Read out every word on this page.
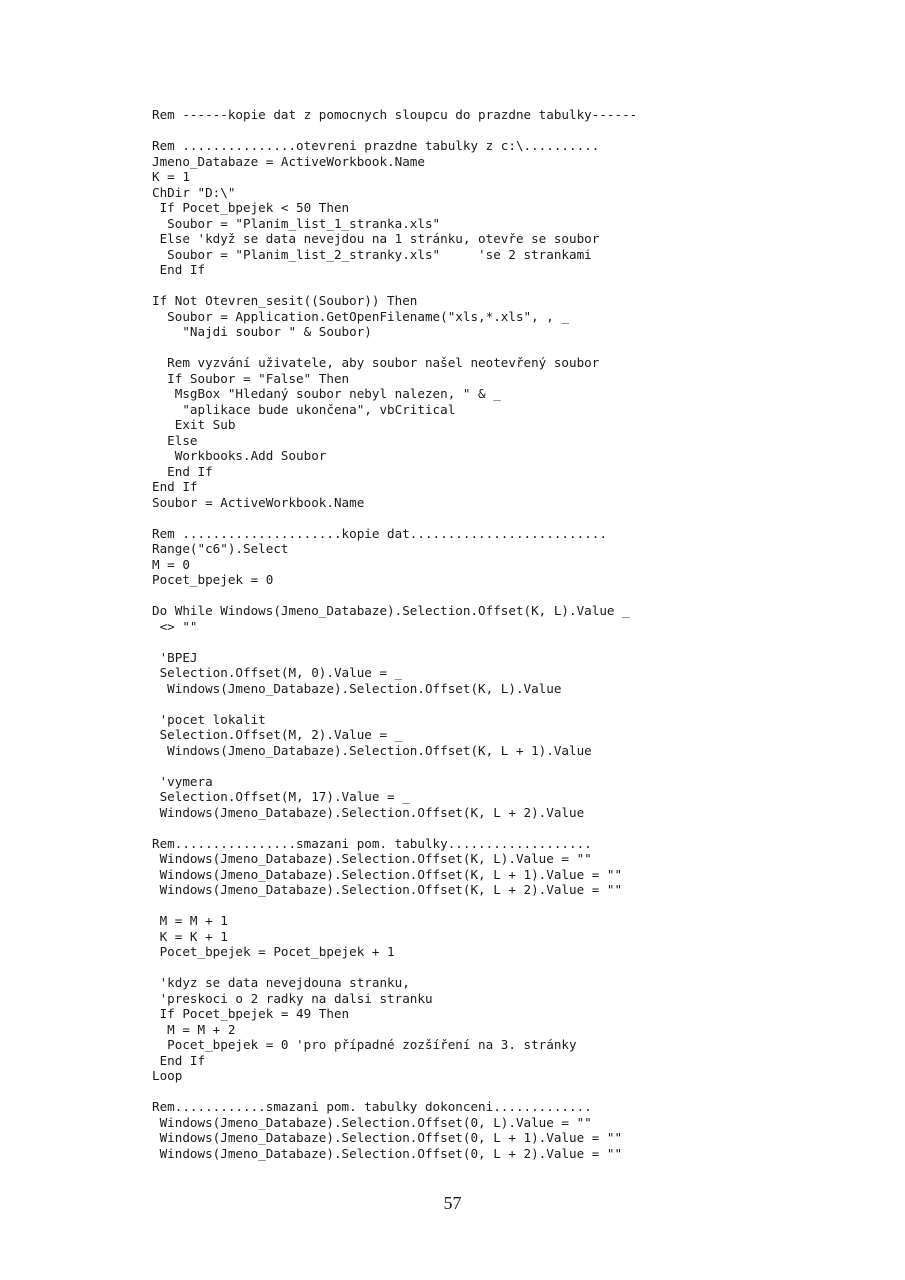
Rem ------kopie dat z pomocnych sloupcu do prazdne tabulky------
Rem ...............otevreni prazdne tabulky z c:\..........
Jmeno_Databaze = ActiveWorkbook.Name
K = 1
ChDir "D:\"
If Pocet_bpejek < 50 Then
Soubor = "Planim_list_1_stranka.xls"
Else 'když se data nevejdou na 1 stránku, otevře se soubor
Soubor = "Planim_list_2_stranky.xls"     'se 2 strankami
End If
If Not Otevren_sesit((Soubor)) Then
Soubor = Application.GetOpenFilename("xls,*.xls", , _
"Najdi soubor " & Soubor)
Rem vyzvání uživatele, aby soubor našel neotevřený soubor
If Soubor = "False" Then
MsgBox "Hledaný soubor nebyl nalezen, " & _
"aplikace bude ukončena", vbCritical
Exit Sub
Else
Workbooks.Add Soubor
End If
End If
Soubor = ActiveWorkbook.Name
Rem .....................kopie dat..........................
Range("c6").Select
M = 0
Pocet_bpejek = 0
Do While Windows(Jmeno_Databaze).Selection.Offset(K, L).Value _
<> ""
'BPEJ
Selection.Offset(M, 0).Value = _
Windows(Jmeno_Databaze).Selection.Offset(K, L).Value
'pocet lokalit
Selection.Offset(M, 2).Value = _
Windows(Jmeno_Databaze).Selection.Offset(K, L + 1).Value
'vymera
Selection.Offset(M, 17).Value = _
Windows(Jmeno_Databaze).Selection.Offset(K, L + 2).Value
Rem................smazani pom. tabulky...................
Windows(Jmeno_Databaze).Selection.Offset(K, L).Value = ""
Windows(Jmeno_Databaze).Selection.Offset(K, L + 1).Value = ""
Windows(Jmeno_Databaze).Selection.Offset(K, L + 2).Value = ""
M = M + 1
K = K + 1
Pocet_bpejek = Pocet_bpejek + 1
'kdyz se data nevejdouna stranku,
'preskoci o 2 radky na dalsi stranku
If Pocet_bpejek = 49 Then
M = M + 2
Pocet_bpejek = 0 'pro případné zozšíření na 3. stránky
End If
Loop
Rem............smazani pom. tabulky dokonceni.............
Windows(Jmeno_Databaze).Selection.Offset(0, L).Value = ""
Windows(Jmeno_Databaze).Selection.Offset(0, L + 1).Value = ""
Windows(Jmeno_Databaze).Selection.Offset(0, L + 2).Value = ""
57
